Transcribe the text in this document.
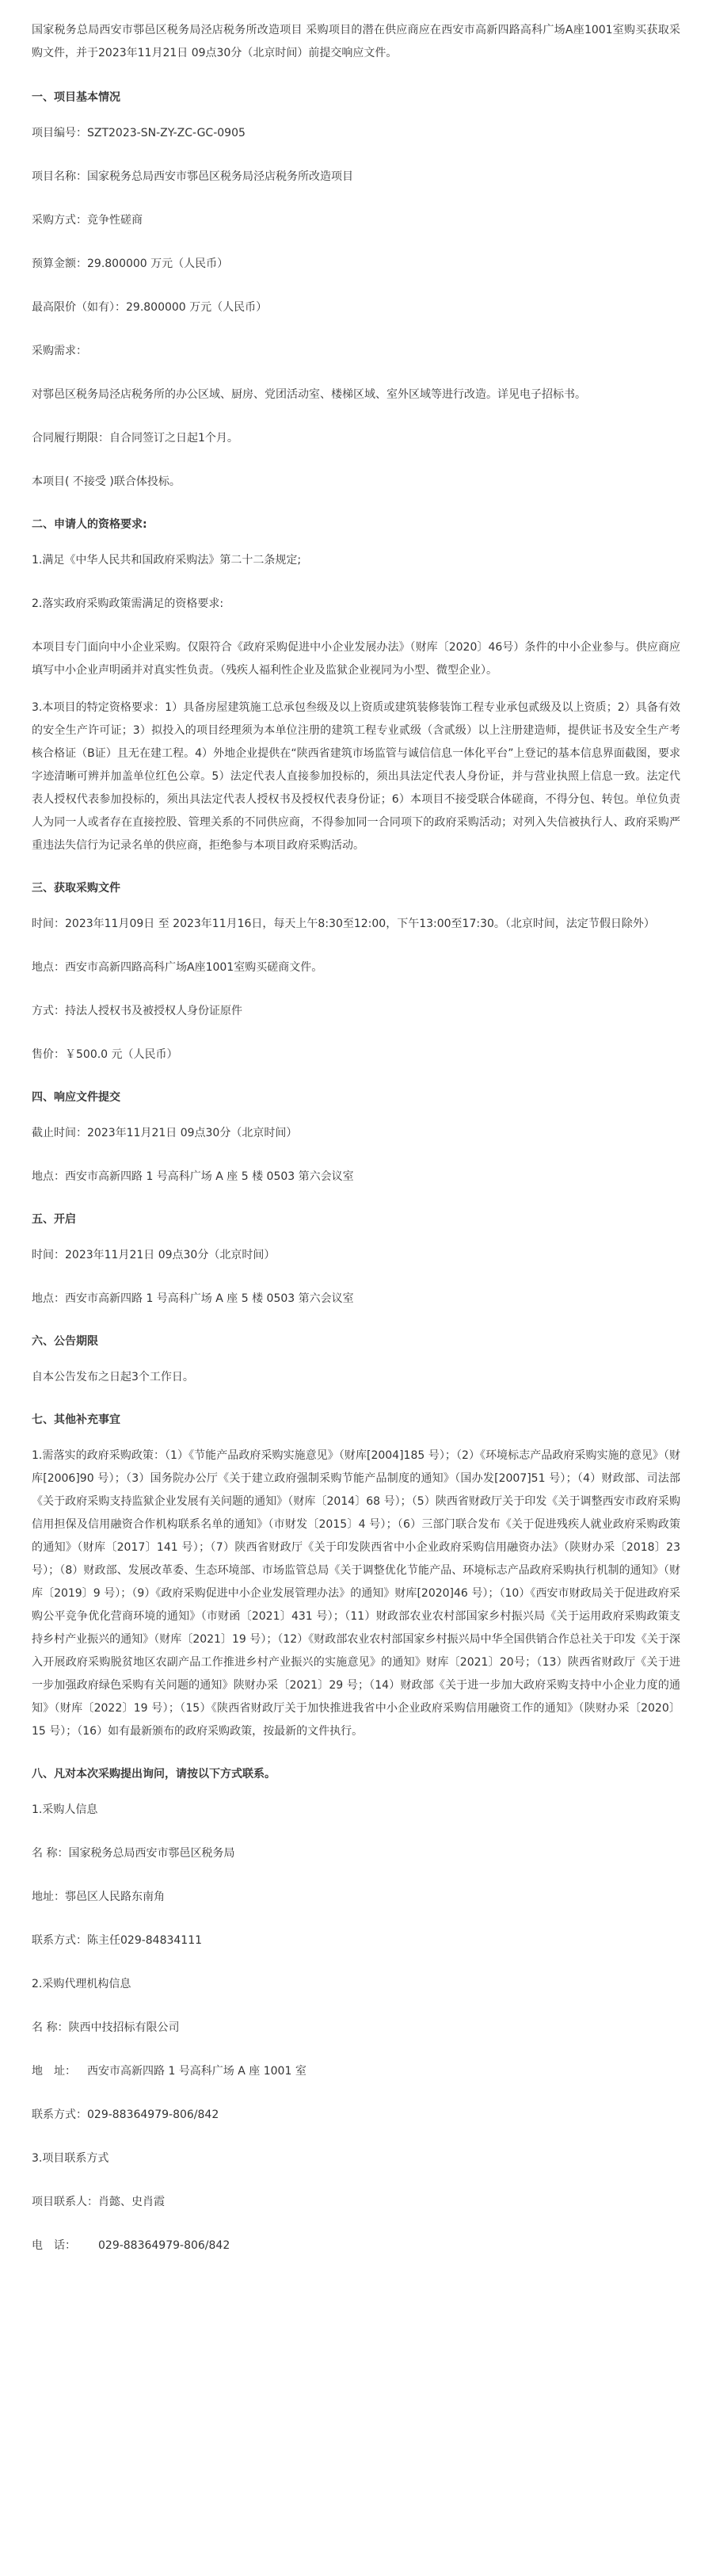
国家税务总局西安市鄠邑区税务局泾店税务所改造项目 采购项目的潜在供应商应在西安市高新四路高科广场A座1001室购买获取采购文件，并于2023年11月21日 09点30分（北京时间）前提交响应文件。

一、项目基本情况

项目编号：SZT2023-SN-ZY-ZC-GC-0905

项目名称：国家税务总局西安市鄠邑区税务局泾店税务所改造项目

采购方式：竞争性磋商

预算金额：29.800000 万元（人民币）

最高限价（如有）：29.800000 万元（人民币）

采购需求：

对鄠邑区税务局泾店税务所的办公区域、厨房、党团活动室、楼梯区域、室外区域等进行改造。详见电子招标书。

合同履行期限：自合同签订之日起1个月。

本项目( 不接受 )联合体投标。

二、申请人的资格要求:

1.满足《中华人民共和国政府采购法》第二十二条规定;

2.落实政府采购政策需满足的资格要求:

本项目专门面向中小企业采购。仅限符合《政府采购促进中小企业发展办法》（财库〔2020〕46号）条件的中小企业参与。供应商应填写中小企业声明函并对真实性负责。（残疾人福利性企业及监狱企业视同为小型、微型企业）。

3.本项目的特定资格要求：1）具备房屋建筑施工总承包叁级及以上资质或建筑装修装饰工程专业承包贰级及以上资质；2）具备有效的安全生产许可证；3）拟投入的项目经理须为本单位注册的建筑工程专业贰级（含贰级）以上注册建造师，提供证书及安全生产考核合格证（B证）且无在建工程。4）外地企业提供在“陕西省建筑市场监管与诚信信息一体化平台”上登记的基本信息界面截图，要求字迹清晰可辨并加盖单位红色公章。5）法定代表人直接参加投标的，须出具法定代表人身份证，并与营业执照上信息一致。法定代表人授权代表参加投标的，须出具法定代表人授权书及授权代表身份证；6）本项目不接受联合体磋商，不得分包、转包。单位负责人为同一人或者存在直接控股、管理关系的不同供应商，不得参加同一合同项下的政府采购活动；对列入失信被执行人、政府采购严重违法失信行为记录名单的供应商，拒绝参与本项目政府采购活动。

三、获取采购文件

时间：2023年11月09日 至 2023年11月16日，每天上午8:30至12:00，下午13:00至17:30。（北京时间，法定节假日除外）

地点：西安市高新四路高科广场A座1001室购买磋商文件。

方式：持法人授权书及被授权人身份证原件

售价：￥500.0 元（人民币）

四、响应文件提交

截止时间：2023年11月21日 09点30分（北京时间）

地点：西安市高新四路 1 号高科广场 A 座 5 楼 0503 第六会议室

五、开启

时间：2023年11月21日 09点30分（北京时间）

地点：西安市高新四路 1 号高科广场 A 座 5 楼 0503 第六会议室

六、公告期限

自本公告发布之日起3个工作日。

七、其他补充事宜

1.需落实的政府采购政策：（1）《节能产品政府采购实施意见》（财库[2004]185 号）；（2）《环境标志产品政府采购实施的意见》（财库[2006]90 号）；（3）国务院办公厅《关于建立政府强制采购节能产品制度的通知》（国办发[2007]51 号）；（4）财政部、司法部《关于政府采购支持监狱企业发展有关问题的通知》（财库〔2014〕68 号）；（5）陕西省财政厅关于印发《关于调整西安市政府采购信用担保及信用融资合作机构联系名单的通知》（市财发〔2015〕4 号）；（6）三部门联合发布《关于促进残疾人就业政府采购政策的通知》（财库〔2017〕141 号）；（7）陕西省财政厅《关于印发陕西省中小企业政府采购信用融资办法》（陕财办采〔2018〕23 号）；（8）财政部、发展改革委、生态环境部、市场监管总局《关于调整优化节能产品、环境标志产品政府采购执行机制的通知》（财库〔2019〕9 号）；（9）《政府采购促进中小企业发展管理办法》的通知》财库[2020]46 号）；（10）《西安市财政局关于促进政府采购公平竞争优化营商环境的通知》（市财函〔2021〕431 号）；（11）财政部农业农村部国家乡村振兴局《关于运用政府采购政策支持乡村产业振兴的通知》（财库〔2021〕19 号）；（12）《财政部农业农村部国家乡村振兴局中华全国供销合作总社关于印发《关于深入开展政府采购脱贫地区农副产品工作推进乡村产业振兴的实施意见》的通知》财库〔2021〕20号；（13）陕西省财政厅《关于进一步加强政府绿色采购有关问题的通知》陕财办采〔2021〕29 号；（14）财政部《关于进一步加大政府采购支持中小企业力度的通知》（财库〔2022〕19 号）；（15）《陕西省财政厅关于加快推进我省中小企业政府采购信用融资工作的通知》（陕财办采〔2020〕15 号）；（16）如有最新颁布的政府采购政策，按最新的文件执行。

八、凡对本次采购提出询问，请按以下方式联系。

1.采购人信息

名 称：国家税务总局西安市鄠邑区税务局

地址：鄠邑区人民路东南角

联系方式：陈主任029-84834111

2.采购代理机构信息

名 称：陕西中技招标有限公司

地　址： 西安市高新四路 1 号高科广场 A 座 1001 室

联系方式：029-88364979-806/842

3.项目联系方式

项目联系人：肖懿、史肖霞

电　话： 029-88364979-806/842
